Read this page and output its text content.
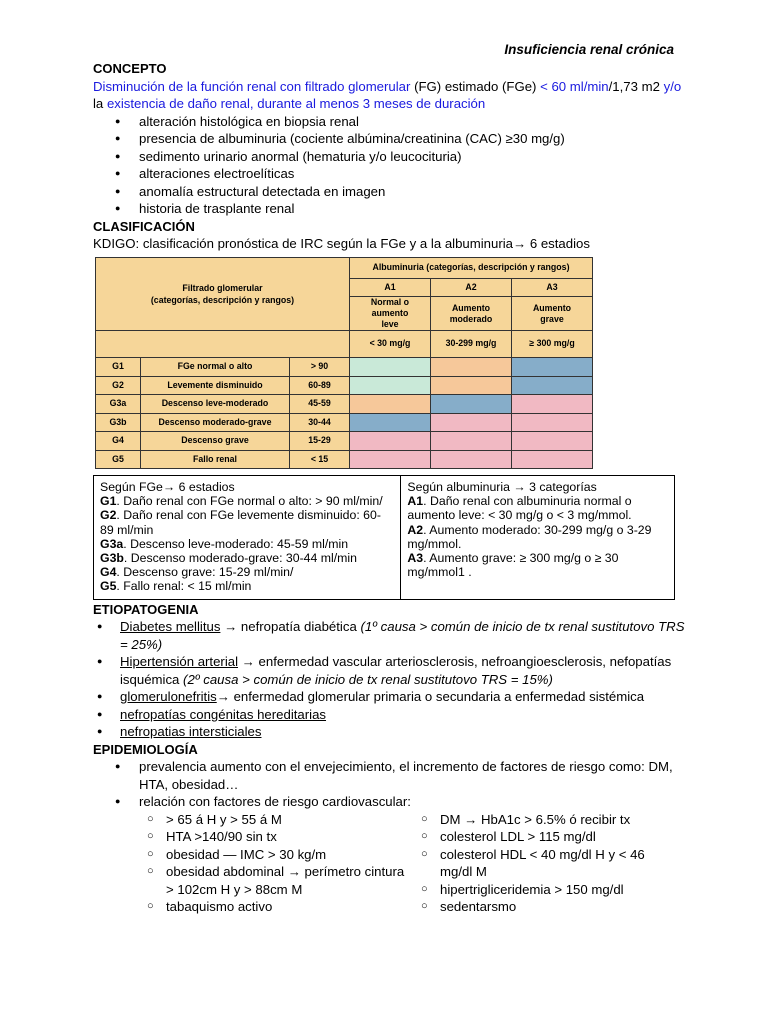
Insuficiencia renal crónica
CONCEPTO
Disminución de la función renal con filtrado glomerular (FG) estimado (FGe) < 60 ml/min/1,73 m2 y/o la existencia de daño renal, durante al menos 3 meses de duración
● alteración histológica en biopsia renal
● presencia de albuminuria (cociente albúmina/creatinina (CAC) ≥30 mg/g)
● sedimento urinario anormal (hematuria y/o leucocituria)
● alteraciones electroelíticas
● anomalía estructural detectada en imagen
● historia de trasplante renal
CLASIFICACIÓN
KDIGO: clasificación pronóstica de IRC según la FGe y a la albuminuria→ 6 estadios
Filtrado glomerular
(categorías, descripción y rangos)			Albuminuria (categorías, descripción y rangos)		
			A1	A2	A3
			Normal o aumento leve	Aumento moderado	Aumento grave
			< 30 mg/g	30-299 mg/g	≥ 300 mg/g
G1	FGe normal o alto	> 90			
G2	Levemente disminuido	60-89			
G3a	Descenso leve-moderado	45-59			
G3b	Descenso moderado-grave	30-44			
G4	Descenso grave	15-29			
G5	Fallo renal	< 15			
Según FGe→ 6 estadios
G1. Daño renal con FGe normal o alto: > 90 ml/min/
G2. Daño renal con FGe levemente disminuido: 60-89 ml/min
G3a. Descenso leve-moderado: 45-59 ml/min
G3b. Descenso moderado-grave: 30-44 ml/min
G4. Descenso grave: 15-29 ml/min/
G5. Fallo renal: < 15 ml/min
Según albuminuria → 3 categorías
A1. Daño renal con albuminuria normal o aumento leve: < 30 mg/g o < 3 mg/mmol.
A2. Aumento moderado: 30-299 mg/g o 3-29 mg/mmol.
A3. Aumento grave: ≥ 300 mg/g o ≥ 30 mg/mmol1 .
ETIOPATOGENIA
● Diabetes mellitus → nefropatía diabética (1º causa > común de inicio de tx renal sustitutovo TRS = 25%)
● Hipertensión arterial → enfermedad vascular arteriosclerosis, nefroangioesclerosis, nefopatías isquémica (2º causa > común de inicio de tx renal sustitutovo TRS = 15%)
● glomerulonefritis→ enfermedad glomerular primaria o secundaria a enfermedad sistémica
● nefropatías congénitas hereditarias
● nefropatias intersticiales
EPIDEMIOLOGÍA
● prevalencia aumento con el envejecimiento, el incremento de factores de riesgo como: DM, HTA, obesidad…
● relación con factores de riesgo cardiovascular:
○ > 65 á H y > 55 á M
○ HTA >140/90 sin tx
○ obesidad — IMC > 30 kg/m
○ obesidad abdominal → perímetro cintura > 102cm H y > 88cm M
○ tabaquismo activo
○ DM → HbA1c > 6.5% ó recibir tx
○ colesterol LDL > 115 mg/dl
○ colesterol HDL < 40 mg/dl H y < 46 mg/dl M
○ hipertrigliceridemia > 150 mg/dl
○ sedentarsmo
